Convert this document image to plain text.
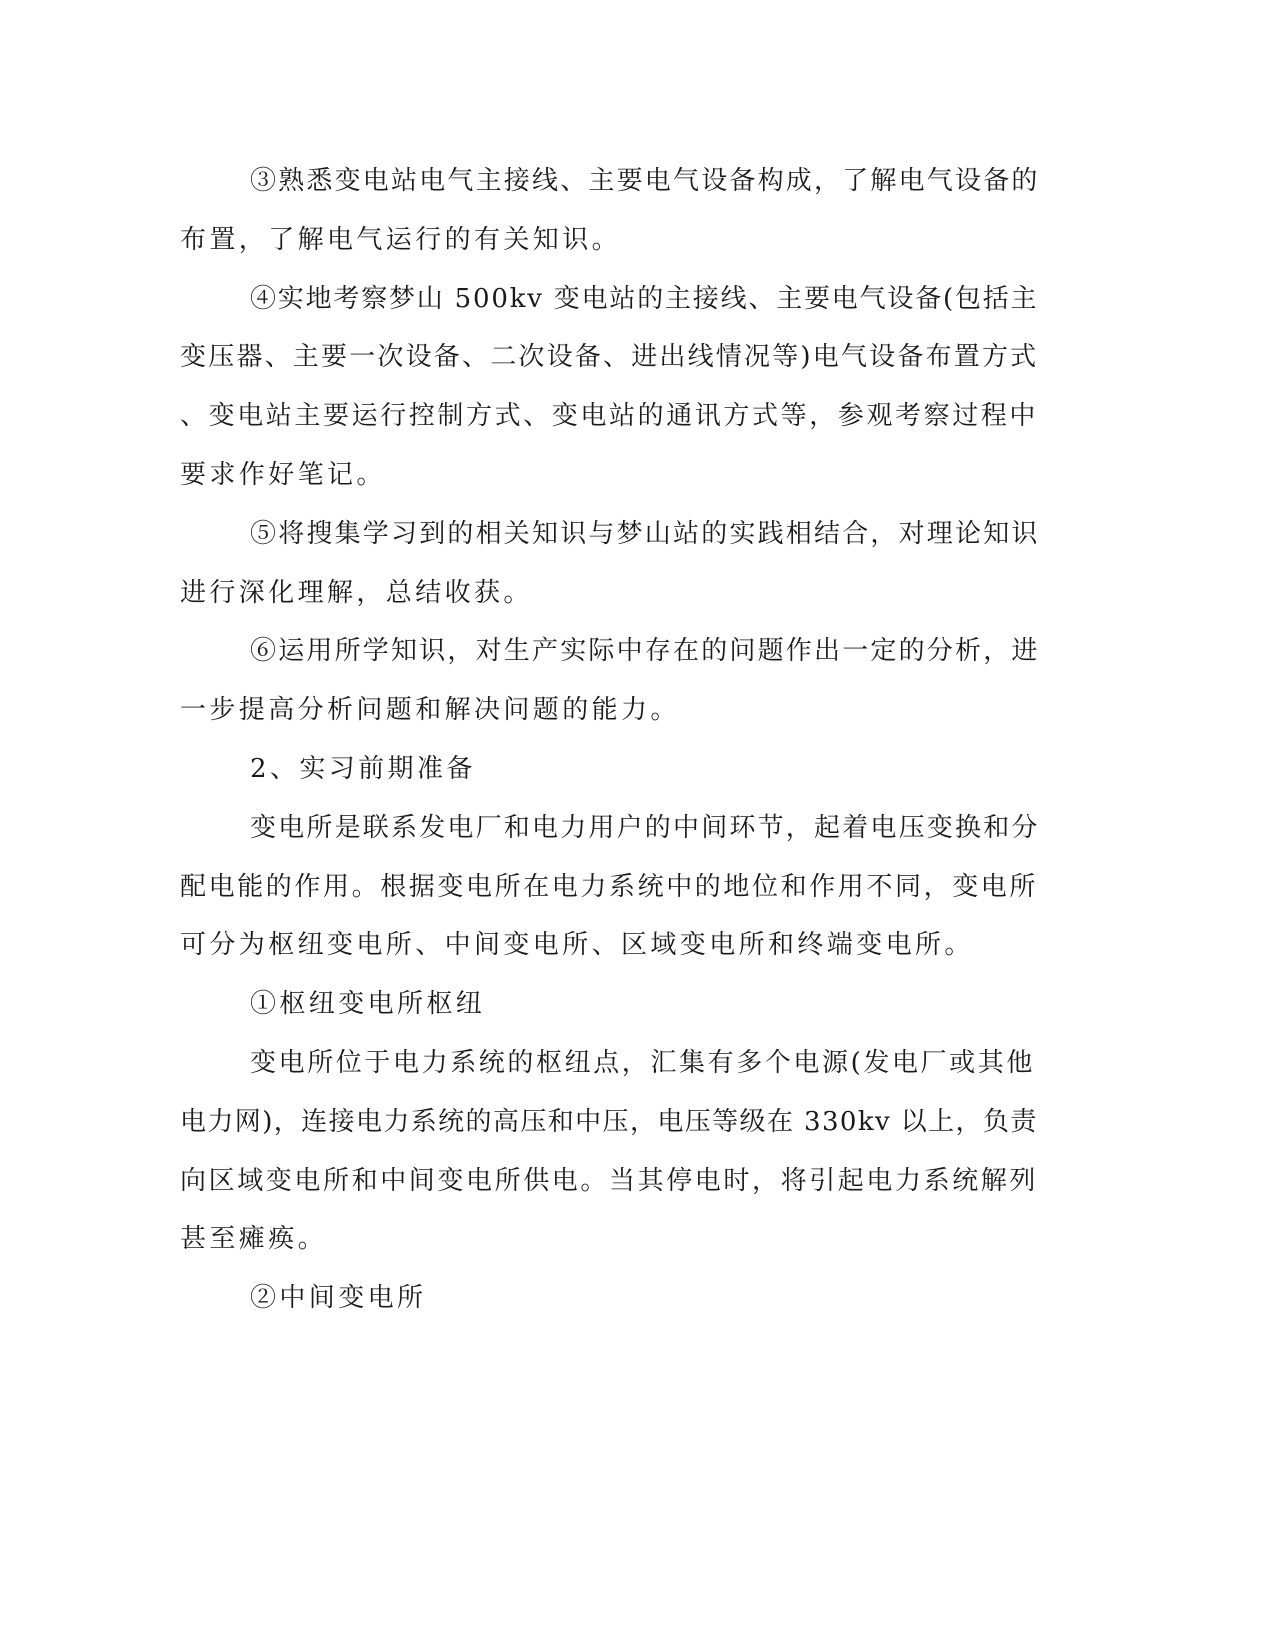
③熟悉变电站电气主接线、主要电气设备构成，了解电气设备的
布置，了解电气运行的有关知识。
④实地考察梦山 500kv 变电站的主接线、主要电气设备(包括主
变压器、主要一次设备、二次设备、进出线情况等)电气设备布置方式
、变电站主要运行控制方式、变电站的通讯方式等，参观考察过程中
要求作好笔记。
⑤将搜集学习到的相关知识与梦山站的实践相结合，对理论知识
进行深化理解，总结收获。
⑥运用所学知识，对生产实际中存在的问题作出一定的分析，进
一步提高分析问题和解决问题的能力。
2、实习前期准备
变电所是联系发电厂和电力用户的中间环节，起着电压变换和分
配电能的作用。根据变电所在电力系统中的地位和作用不同，变电所
可分为枢纽变电所、中间变电所、区域变电所和终端变电所。
①枢纽变电所枢纽
变电所位于电力系统的枢纽点，汇集有多个电源(发电厂或其他
电力网)，连接电力系统的高压和中压，电压等级在 330kv 以上，负责
向区域变电所和中间变电所供电。当其停电时，将引起电力系统解列
甚至瘫痪。
②中间变电所
